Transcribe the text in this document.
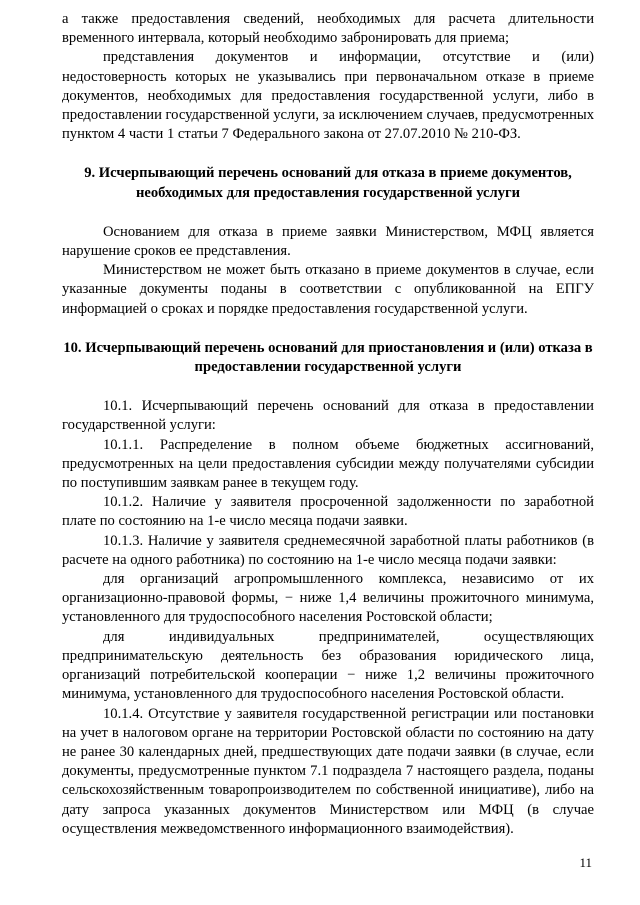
а также предоставления сведений, необходимых для расчета длительности временного интервала, который необходимо забронировать для приема;

представления документов и информации, отсутствие и (или) недостоверность которых не указывались при первоначальном отказе в приеме документов, необходимых для предоставления государственной услуги, либо в предоставлении государственной услуги, за исключением случаев, предусмотренных пунктом 4 части 1 статьи 7 Федерального закона от 27.07.2010 № 210-ФЗ.

9. Исчерпывающий перечень оснований для отказа в приеме документов, необходимых для предоставления государственной услуги

Основанием для отказа в приеме заявки Министерством, МФЦ является нарушение сроков ее представления.

Министерством не может быть отказано в приеме документов в случае, если указанные документы поданы в соответствии с опубликованной на ЕПГУ информацией о сроках и порядке предоставления государственной услуги.

10. Исчерпывающий перечень оснований для приостановления и (или) отказа в предоставлении государственной услуги

10.1. Исчерпывающий перечень оснований для отказа в предоставлении государственной услуги:

10.1.1. Распределение в полном объеме бюджетных ассигнований, предусмотренных на цели предоставления субсидии между получателями субсидии по поступившим заявкам ранее в текущем году.

10.1.2. Наличие у заявителя просроченной задолженности по заработной плате по состоянию на 1-е число месяца подачи заявки.

10.1.3. Наличие у заявителя среднемесячной заработной платы работников (в расчете на одного работника) по состоянию на 1-е число месяца подачи заявки:

для организаций агропромышленного комплекса, независимо от их организационно-правовой формы, − ниже 1,4 величины прожиточного минимума, установленного для трудоспособного населения Ростовской области;

для индивидуальных предпринимателей, осуществляющих предпринимательскую деятельность без образования юридического лица, организаций потребительской кооперации − ниже 1,2 величины прожиточного минимума, установленного для трудоспособного населения Ростовской области.

10.1.4. Отсутствие у заявителя государственной регистрации или постановки на учет в налоговом органе на территории Ростовской области по состоянию на дату не ранее 30 календарных дней, предшествующих дате подачи заявки (в случае, если документы, предусмотренные пунктом 7.1 подраздела 7 настоящего раздела, поданы сельскохозяйственным товаропроизводителем по собственной инициативе), либо на дату запроса указанных документов Министерством или МФЦ (в случае осуществления межведомственного информационного взаимодействия).

11
